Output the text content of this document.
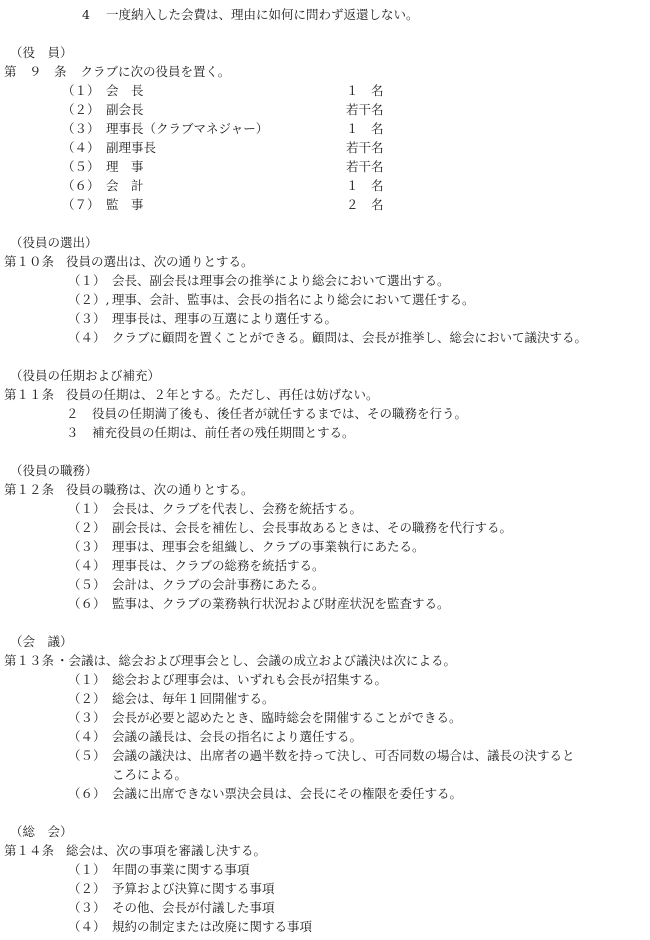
4 一度納入した会費は、理由に如何に問わず返還しない。
（役　員）
第　９　条 クラブに次の役員を置く。
（１） 会　長	１　名
（２） 副会長	若干名
（３） 理事長（クラブマネジャー）	１　名
（４） 副理事長	若干名
（５） 理　事	若干名
（６） 会　計	１　名
（７） 監　事	２　名
（役員の選出）
第１０条 役員の選出は、次の通りとする。
（１） 会長、副会長は理事会の推挙により総会において選出する。
（２）, 理事、会計、監事は、会長の指名により総会において選任する。
（３） 理事長は、理事の互選により選任する。
（４） クラブに顧問を置くことができる。顧問は、会長が推挙し、総会において議決する。
（役員の任期および補充）
第１１条 役員の任期は、２年とする。ただし、再任は妨げない。
２ 役員の任期満了後も、後任者が就任するまでは、その職務を行う。
３ 補充役員の任期は、前任者の残任期間とする。
（役員の職務）
第１２条 役員の職務は、次の通りとする。
（１） 会長は、クラブを代表し、会務を統括する。
（２） 副会長は、会長を補佐し、会長事故あるときは、その職務を代行する。
（３） 理事は、理事会を組織し、クラブの事業執行にあたる。
（４） 理事長は、クラブの総務を統括する。
（５） 会計は、クラブの会計事務にあたる。
（６） 監事は、クラブの業務執行状況および財産状況を監査する。
（会　議）
第１３条 ・会議は、総会および理事会とし、会議の成立および議決は次による。
（１） 総会および理事会は、いずれも会長が招集する。
（２） 総会は、毎年１回開催する。
（３） 会長が必要と認めたとき、臨時総会を開催することができる。
（４） 会議の議長は、会長の指名により選任する。
（５） 会議の議決は、出席者の過半数を持って決し、可否同数の場合は、議長の決すると
ころによる。
（６） 会議に出席できない票決会員は、会長にその権限を委任する。
（総　会）
第１４条 総会は、次の事項を審議し決する。
（１） 年間の事業に関する事項
（２） 予算および決算に関する事項
（３） その他、会長が付議した事項
（４） 規約の制定または改廃に関する事項
